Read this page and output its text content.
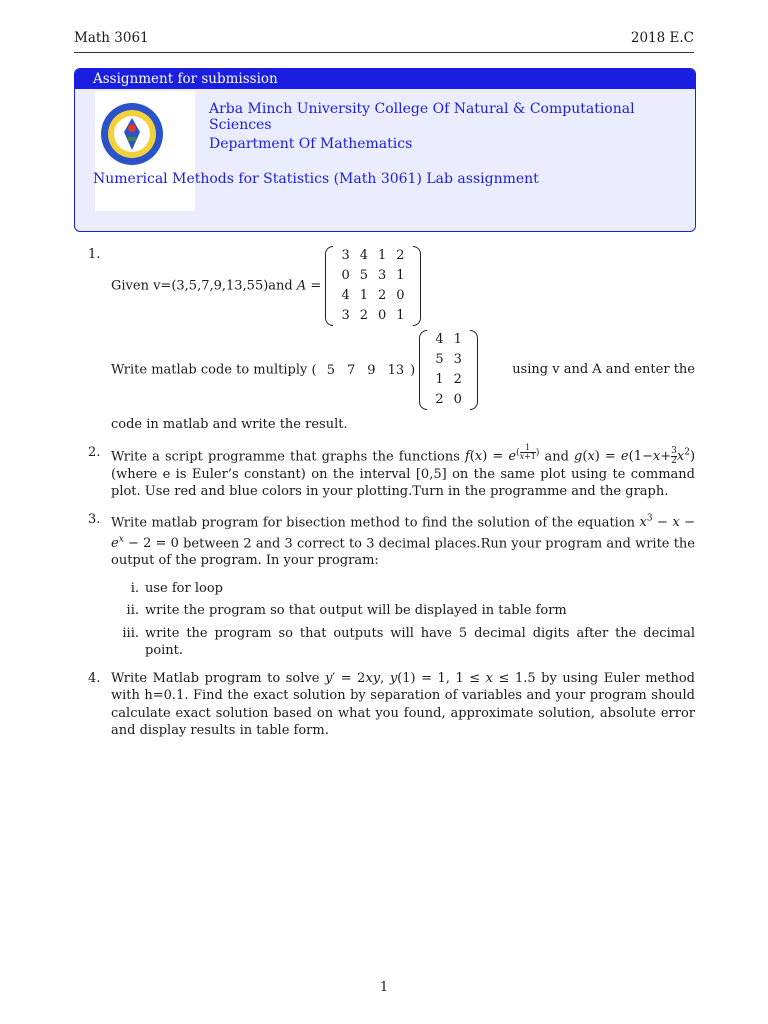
Math 3061	2018 E.C
Assignment for submission
Arba Minch University College Of Natural & Computational Sciences
Department Of Mathematics
Numerical Methods for Statistics (Math 3061) Lab assignment
1.
Given v=(3,5,7,9,13,55)and A =
3	4	1	2
0	5	3	1
4	1	2	0
3	2	0	1
Write matlab code to multiply ( 5 7 9 13 )
4	1
5	3
1	2
2	0
using v and A and enter the
code in matlab and write the result.
2. Write a script programme that graphs the functions $f(x) = e^{( \frac{1}{x+1} )}$ and $g(x) = e(1-x+ \frac{3}{2} x^2)$ (where e is Euler’s constant) on the interval [0,5] on the same plot using te command plot. Use red and blue colors in your plotting.Turn in the programme and the graph.
3. Write matlab program for bisection method to find the solution of the equation $x^3 - x - e^x - 2 = 0$ between 2 and 3 correct to 3 decimal places.Run your program and write the output of the program. In your program:
i. use for loop
ii. write the program so that output will be displayed in table form
iii. write the program so that outputs will have 5 decimal digits after the decimal point.
4. Write Matlab program to solve y′ = 2xy, y(1) = 1, 1 ≤ x ≤ 1.5 by using Euler method with h=0.1. Find the exact solution by separation of variables and your program should calculate exact solution based on what you found, approximate solution, absolute error and display results in table form.
1
